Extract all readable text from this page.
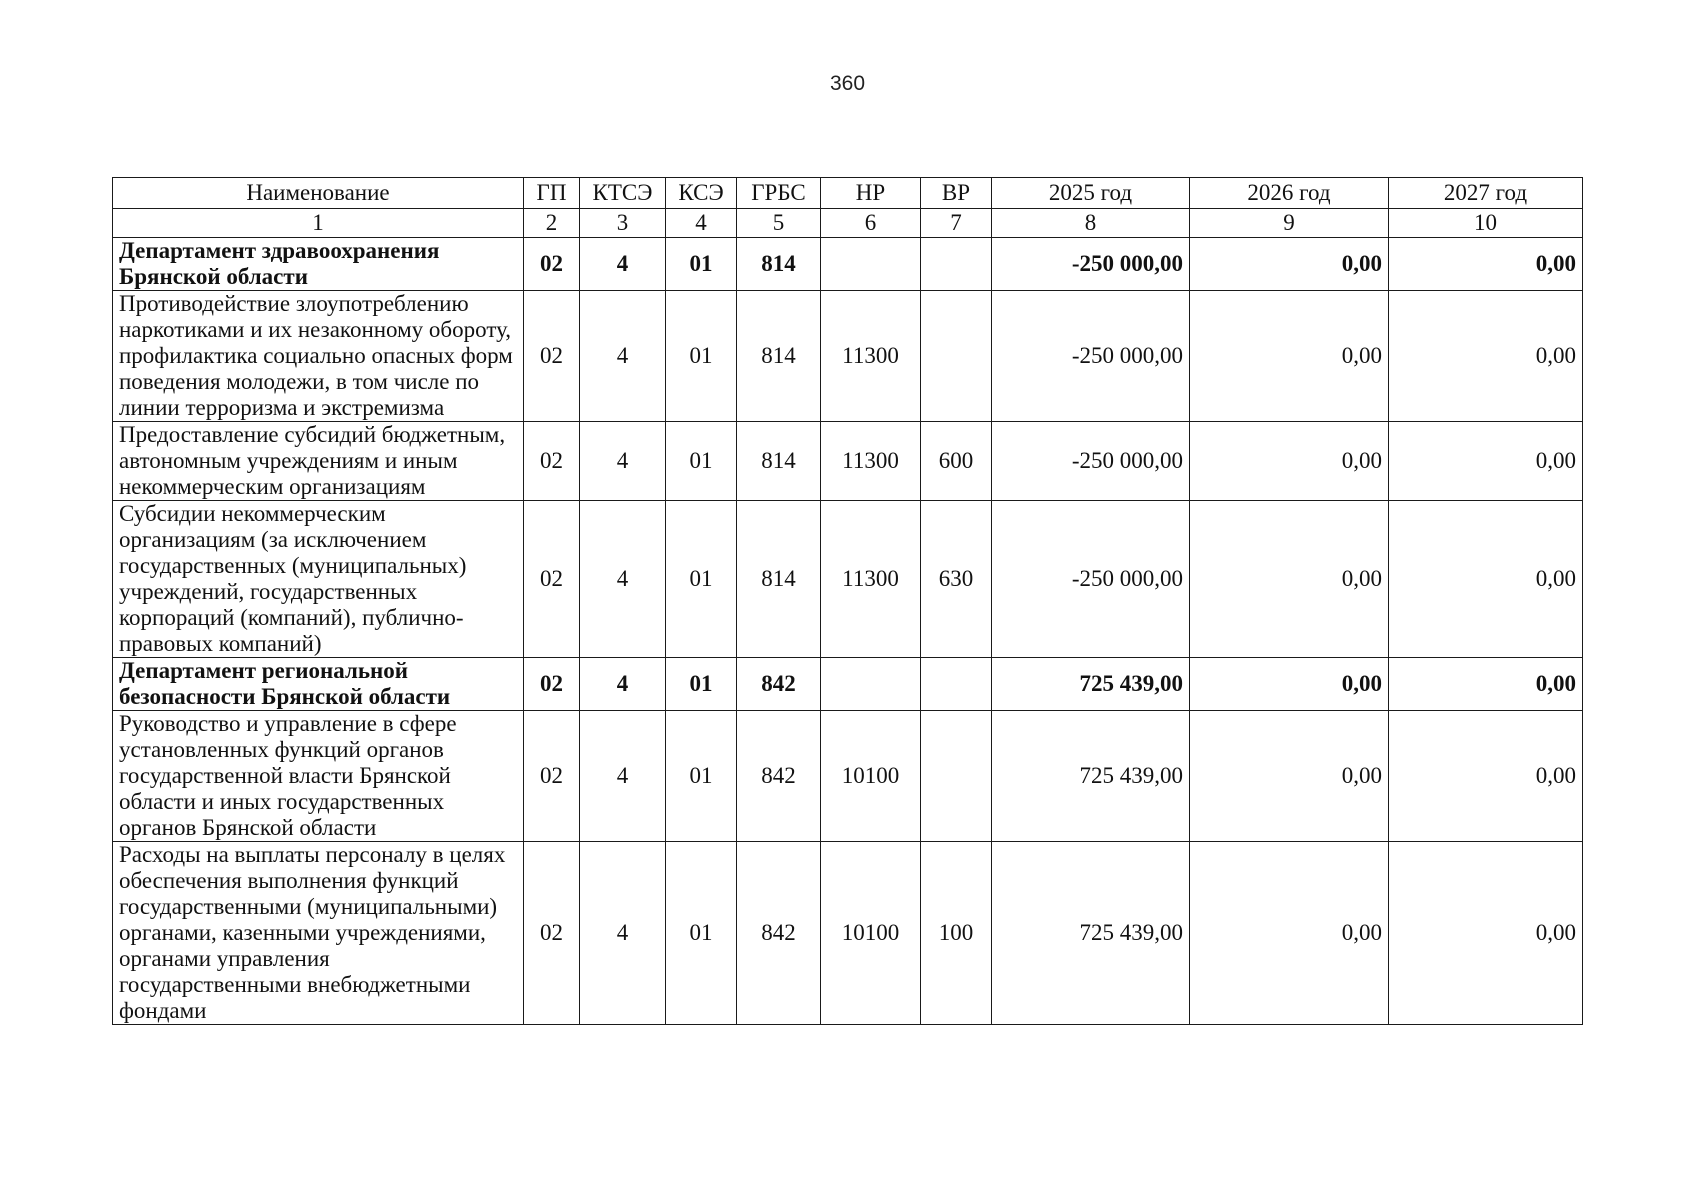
360
Наименование	ГП	КТСЭ	КСЭ	ГРБС	НР	ВР	2025 год	2026 год	2027 год
1	2	3	4	5	6	7	8	9	10
Департамент здравоохранения Брянской области	02	4	01	814			-250 000,00	0,00	0,00
Противодействие злоупотреблению наркотиками и их незаконному обороту, профилактика социально опасных форм поведения молодежи, в том числе по линии терроризма и экстремизма	02	4	01	814	11300		-250 000,00	0,00	0,00
Предоставление субсидий бюджетным, автономным учреждениям и иным некоммерческим организациям	02	4	01	814	11300	600	-250 000,00	0,00	0,00
Субсидии некоммерческим организациям (за исключением государственных (муниципальных) учреждений, государственных корпораций (компаний), публично-правовых компаний)	02	4	01	814	11300	630	-250 000,00	0,00	0,00
Департамент региональной безопасности Брянской области	02	4	01	842			725 439,00	0,00	0,00
Руководство и управление в сфере установленных функций органов государственной власти Брянской области и иных государственных органов Брянской области	02	4	01	842	10100		725 439,00	0,00	0,00
Расходы на выплаты персоналу в целях обеспечения выполнения функций государственными (муниципальными) органами, казенными учреждениями, органами управления государственными внебюджетными фондами	02	4	01	842	10100	100	725 439,00	0,00	0,00
